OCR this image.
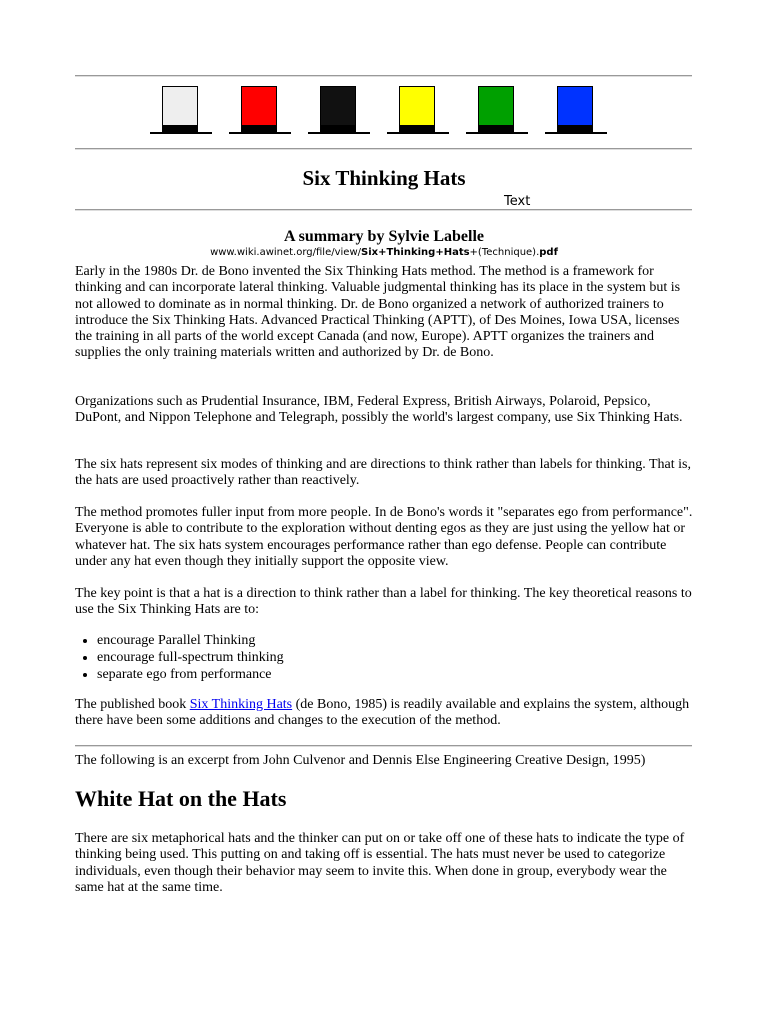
Six Thinking Hats
Text
A summary by Sylvie Labelle
www.wiki.awinet.org/file/view/Six+Thinking+Hats+(Technique).pdf

Early in the 1980s Dr. de Bono invented the Six Thinking Hats method. The method is a framework for thinking and can incorporate lateral thinking. Valuable judgmental thinking has its place in the system but is not allowed to dominate as in normal thinking. Dr. de Bono organized a network of authorized trainers to introduce the Six Thinking Hats. Advanced Practical Thinking (APTT), of Des Moines, Iowa USA, licenses the training in all parts of the world except Canada (and now, Europe). APTT organizes the trainers and supplies the only training materials written and authorized by Dr. de Bono.

Organizations such as Prudential Insurance, IBM, Federal Express, British Airways, Polaroid, Pepsico, DuPont, and Nippon Telephone and Telegraph, possibly the world's largest company, use Six Thinking Hats.

The six hats represent six modes of thinking and are directions to think rather than labels for thinking. That is, the hats are used proactively rather than reactively.

The method promotes fuller input from more people. In de Bono's words it "separates ego from performance". Everyone is able to contribute to the exploration without denting egos as they are just using the yellow hat or whatever hat. The six hats system encourages performance rather than ego defense. People can contribute under any hat even though they initially support the opposite view.

The key point is that a hat is a direction to think rather than a label for thinking. The key theoretical reasons to use the Six Thinking Hats are to:

• encourage Parallel Thinking
• encourage full-spectrum thinking
• separate ego from performance

The published book Six Thinking Hats (de Bono, 1985) is readily available and explains the system, although there have been some additions and changes to the execution of the method.

The following is an excerpt from John Culvenor and Dennis Else Engineering Creative Design, 1995)

White Hat on the Hats

There are six metaphorical hats and the thinker can put on or take off one of these hats to indicate the type of thinking being used. This putting on and taking off is essential. The hats must never be used to categorize individuals, even though their behavior may seem to invite this. When done in group, everybody wear the same hat at the same time.
